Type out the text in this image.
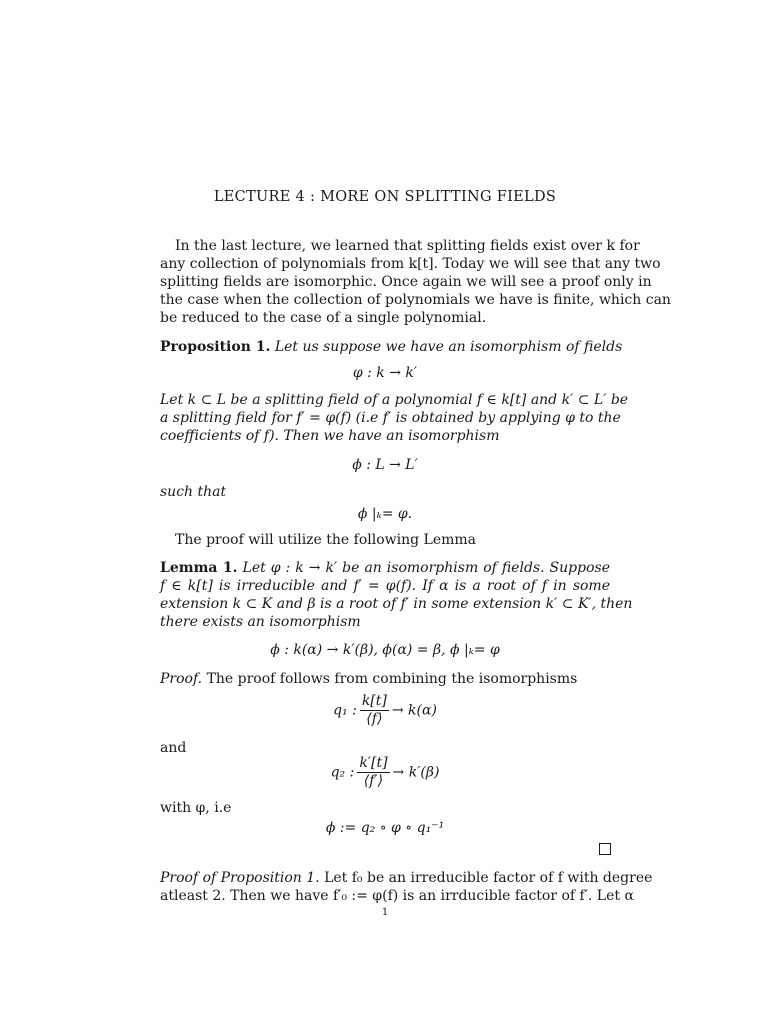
LECTURE 4 : MORE ON SPLITTING FIELDS
In the last lecture, we learned that splitting fields exist over k for
any collection of polynomials from k[t]. Today we will see that any two
splitting fields are isomorphic. Once again we will see a proof only in
the case when the collection of polynomials we have is finite, which can
be reduced to the case of a single polynomial.
Proposition 1. Let us suppose we have an isomorphism of fields
φ : k → k′
Let k ⊂ L be a splitting field of a polynomial f ∈ k[t] and k′ ⊂ L′ be
a splitting field for f′ = φ(f) (i.e f′ is obtained by applying φ to the
coefficients of f). Then we have an isomorphism
ϕ : L → L′
such that
ϕ |ₖ= φ.
The proof will utilize the following Lemma
Lemma 1. Let φ : k → k′ be an isomorphism of fields. Suppose
f ∈ k[t] is irreducible and f′ = φ(f). If α is a root of f in some
extension k ⊂ K and β is a root of f′ in some extension k′ ⊂ K′, then
there exists an isomorphism
ϕ : k(α) → k′(β), ϕ(α) = β, ϕ |ₖ= φ
Proof. The proof follows from combining the isomorphisms
q₁ : $\frac{k[t]}{⟨f⟩} \to k(\alpha)$
and
q₂ : $\frac{k'[t]}{⟨f'⟩} \to k'(\beta)$
with φ, i.e
ϕ := q₂ ∘ φ ∘ q₁⁻¹
Proof of Proposition 1. Let f₀ be an irreducible factor of f with degree
atleast 2. Then we have f′₀ := φ(f) is an irrducible factor of f′. Let α
1
